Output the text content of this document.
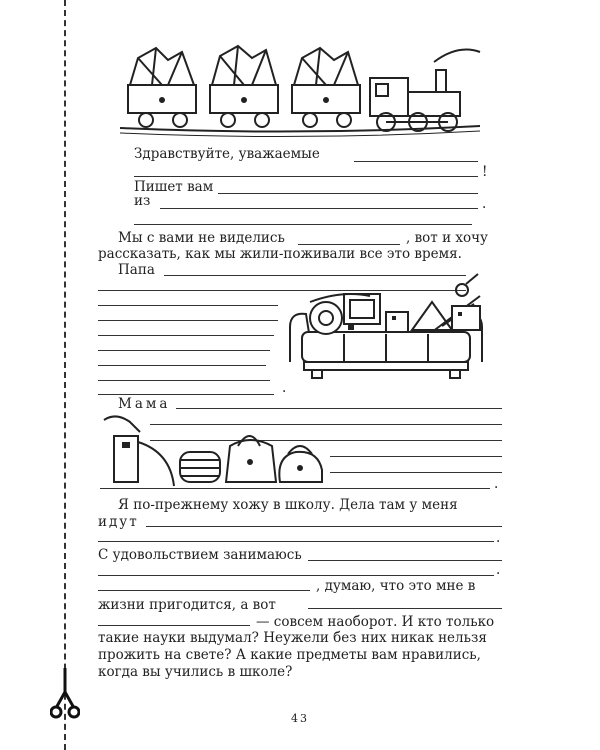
Здравствуйте, уважаемые
!
Пишет вам
из	.
Мы с вами не виделись	, вот и хочу
рассказать, как мы жили-поживали все это время.
Папа
.
Мама
.
Я по-прежнему хожу в школу. Дела там у меня
идут
.
С удовольствием занимаюсь
.
, думаю, что это мне в
жизни пригодится, а вот
— совсем наоборот. И кто только
такие науки выдумал? Неужели без них никак нельзя
прожить на свете? А какие предметы вам нравились,
когда вы учились в школе?
43
